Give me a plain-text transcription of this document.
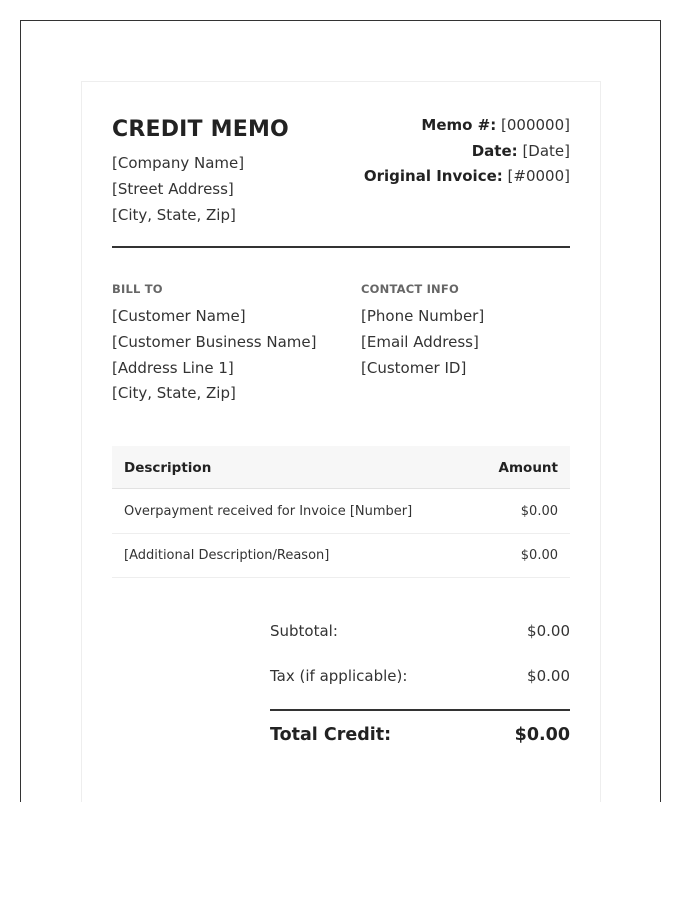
CREDIT MEMO
[Company Name]
[Street Address]
[City, State, Zip]
Memo #: [000000]
Date: [Date]
Original Invoice: [#0000]
BILL TO
[Customer Name]
[Customer Business Name]
[Address Line 1]
[City, State, Zip]
CONTACT INFO
[Phone Number]
[Email Address]
[Customer ID]
Description	Amount
Overpayment received for Invoice [Number]	$0.00
[Additional Description/Reason]	$0.00
Subtotal:	$0.00
Tax (if applicable):	$0.00
Total Credit:	$0.00
